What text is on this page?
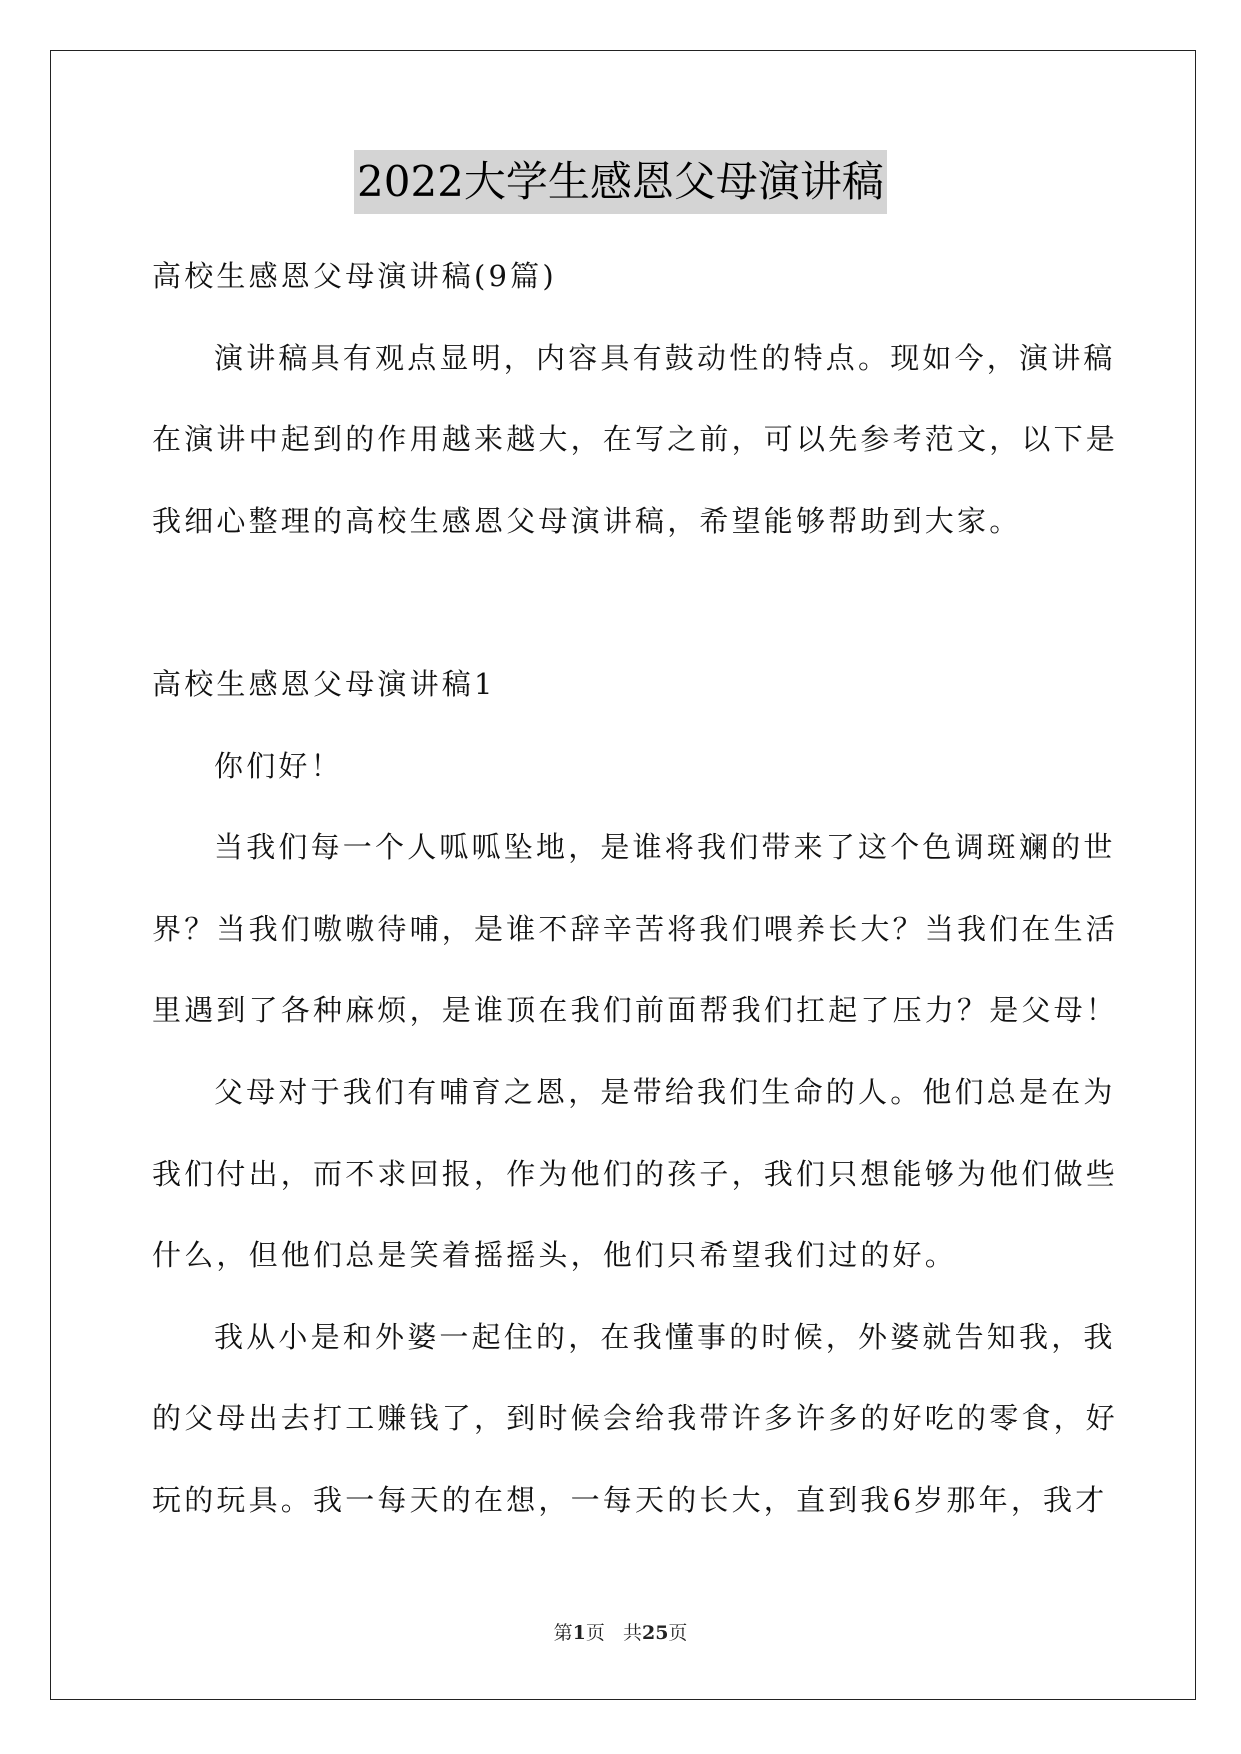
2022大学生感恩父母演讲稿
高校生感恩父母演讲稿(9篇)
演讲稿具有观点显明，内容具有鼓动性的特点。现如今，演讲稿
在演讲中起到的作用越来越大，在写之前，可以先参考范文，以下是
我细心整理的高校生感恩父母演讲稿，希望能够帮助到大家。
高校生感恩父母演讲稿1
你们好！
当我们每一个人呱呱坠地，是谁将我们带来了这个色调斑斓的世
界？当我们嗷嗷待哺，是谁不辞辛苦将我们喂养长大？当我们在生活
里遇到了各种麻烦，是谁顶在我们前面帮我们扛起了压力？是父母！
父母对于我们有哺育之恩，是带给我们生命的人。他们总是在为
我们付出，而不求回报，作为他们的孩子，我们只想能够为他们做些
什么，但他们总是笑着摇摇头，他们只希望我们过的好。
我从小是和外婆一起住的，在我懂事的时候，外婆就告知我，我
的父母出去打工赚钱了，到时候会给我带许多许多的好吃的零食，好
玩的玩具。我一每天的在想，一每天的长大，直到我6岁那年，我才
第1页 共25页
